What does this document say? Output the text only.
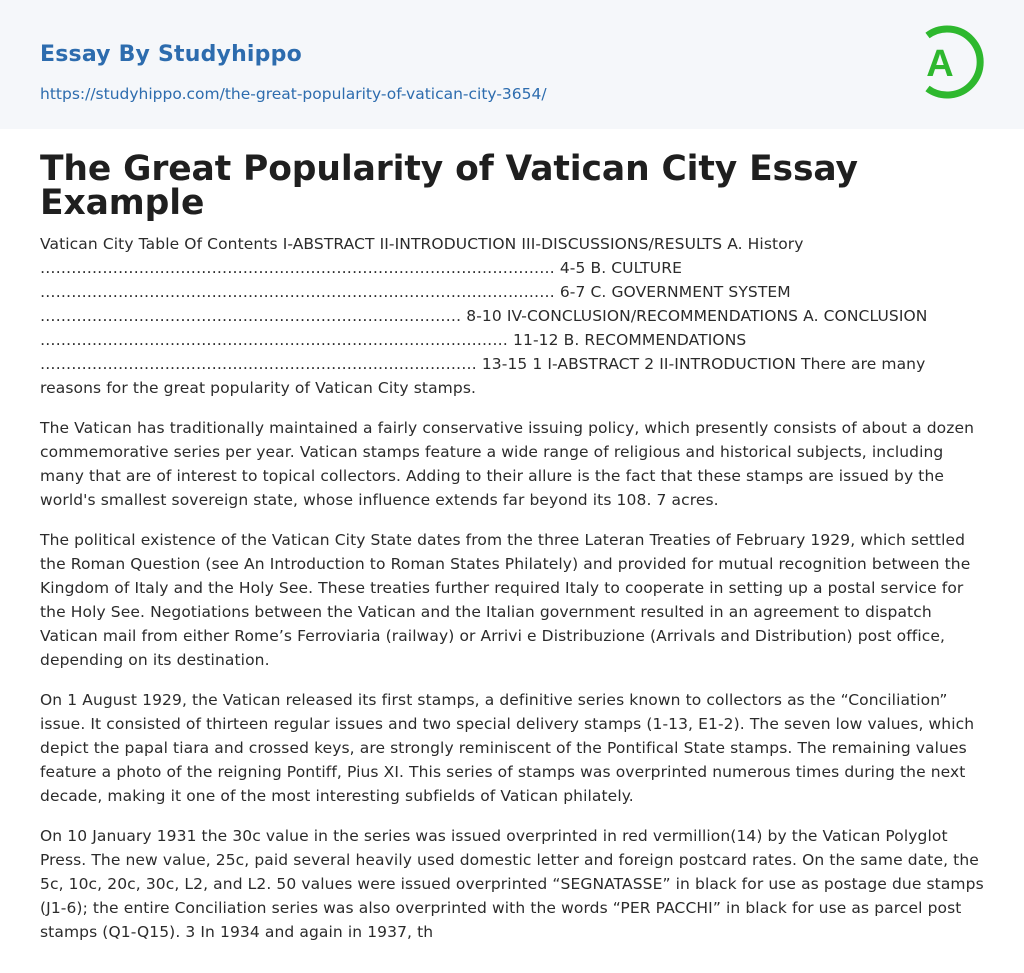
Essay By Studyhippo
https://studyhippo.com/the-great-popularity-of-vatican-city-3654/
A
The Great Popularity of Vatican City Essay Example

Vatican City Table Of Contents I-ABSTRACT II-INTRODUCTION III-DISCUSSIONS/RESULTS A. History ……………………………………………………………………………………… 4-5 B. CULTURE ……………………………………………………………………………………… 6-7 C. GOVERNMENT SYSTEM ……………………………………………………………………… 8-10 IV-CONCLUSION/RECOMMENDATIONS A. CONCLUSION ……………………………………………………………………………… 11-12 B. RECOMMENDATIONS ………………………………………………………………………… 13-15 1 I-ABSTRACT 2 II-INTRODUCTION There are many reasons for the great popularity of Vatican City stamps.

The Vatican has traditionally maintained a fairly conservative issuing policy, which presently consists of about a dozen commemorative series per year. Vatican stamps feature a wide range of religious and historical subjects, including many that are of interest to topical collectors. Adding to their allure is the fact that these stamps are issued by the world's smallest sovereign state, whose influence extends far beyond its 108. 7 acres.

The political existence of the Vatican City State dates from the three Lateran Treaties of February 1929, which settled the Roman Question (see An Introduction to Roman States Philately) and provided for mutual recognition between the Kingdom of Italy and the Holy See. These treaties further required Italy to cooperate in setting up a postal service for the Holy See. Negotiations between the Vatican and the Italian government resulted in an agreement to dispatch Vatican mail from either Rome’s Ferroviaria (railway) or Arrivi e Distribuzione (Arrivals and Distribution) post office, depending on its destination.

On 1 August 1929, the Vatican released its first stamps, a definitive series known to collectors as the “Conciliation” issue. It consisted of thirteen regular issues and two special delivery stamps (1-13, E1-2). The seven low values, which depict the papal tiara and crossed keys, are strongly reminiscent of the Pontifical State stamps. The remaining values feature a photo of the reigning Pontiff, Pius XI. This series of stamps was overprinted numerous times during the next decade, making it one of the most interesting subfields of Vatican philately.

On 10 January 1931 the 30c value in the series was issued overprinted in red vermillion(14) by the Vatican Polyglot Press. The new value, 25c, paid several heavily used domestic letter and foreign postcard rates. On the same date, the 5c, 10c, 20c, 30c, L2, and L2. 50 values were issued overprinted “SEGNATASSE” in black for use as postage due stamps (J1-6); the entire Conciliation series was also overprinted with the words “PER PACCHI” in black for use as parcel post stamps (Q1-Q15). 3 In 1934 and again in 1937, th
